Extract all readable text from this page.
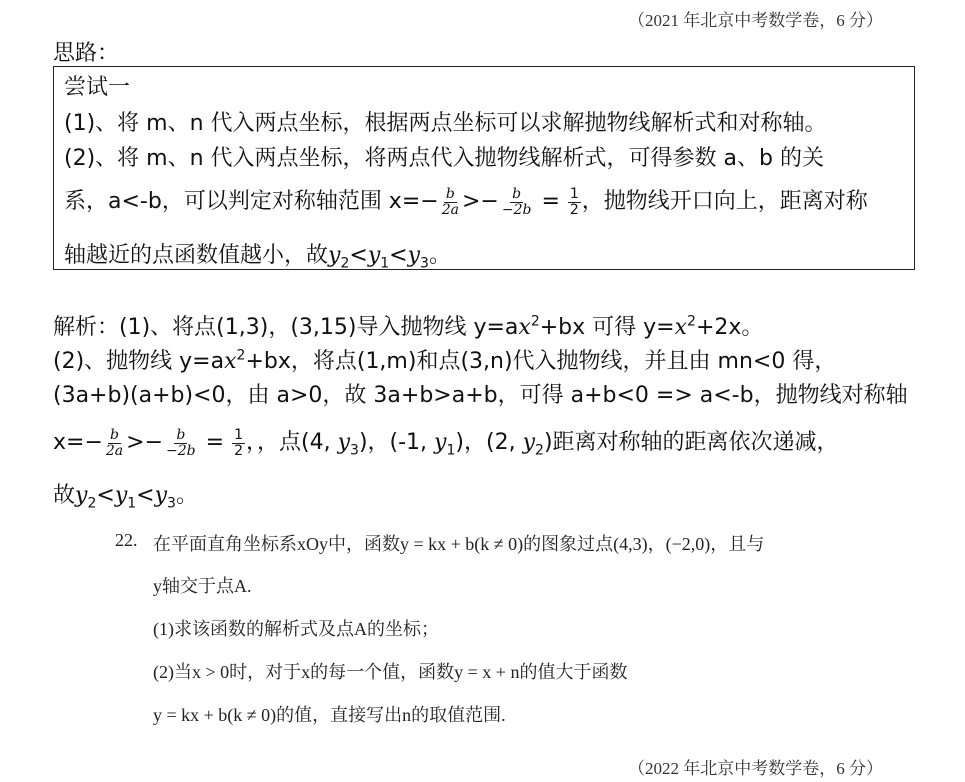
（2021 年北京中考数学卷，6 分）
思路：
尝试一
(1)、将 m、n 代入两点坐标，根据两点坐标可以求解抛物线解析式和对称轴。
(2)、将 m、n 代入两点坐标，将两点代入抛物线解析式，可得参数 a、b 的关
系，a<-b，可以判定对称轴范围 $x=- \frac{b}{2a} >- \frac{b}{-2b} = \frac{1}{2}$ ，抛物线开口向上，距离对称
轴越近的点函数值越小，故$y_2<y_1<y_3$。
解析：(1)、将点(1,3)，(3,15)导入抛物线 $y=ax^2+bx$ 可得 $y=x^2+2x$。
(2)、抛物线 $y=ax^2+bx$，将点(1,m)和点(3,n)代入抛物线，并且由 mn<0 得，
(3a+b)(a+b)<0，由 a>0，故 3a+b>a+b，可得 a+b<0 => a<-b，抛物线对称轴
$x=- \frac{b}{2a} >- \frac{b}{-2b} = \frac{1}{2}$ ，，点(4, $y_3$)，(-1, $y_1$)，(2, $y_2$)距离对称轴的距离依次递减，
故$y_2<y_1<y_3$。
22. 在平面直角坐标系xOy中，函数y = kx + b(k ≠ 0)的图象过点(4,3)，(−2,0)，且与
y轴交于点A.
(1)求该函数的解析式及点A的坐标；
(2)当x > 0时，对于x的每一个值，函数y = x + n的值大于函数
y = kx + b(k ≠ 0)的值，直接写出n的取值范围.
（2022 年北京中考数学卷，6 分）
